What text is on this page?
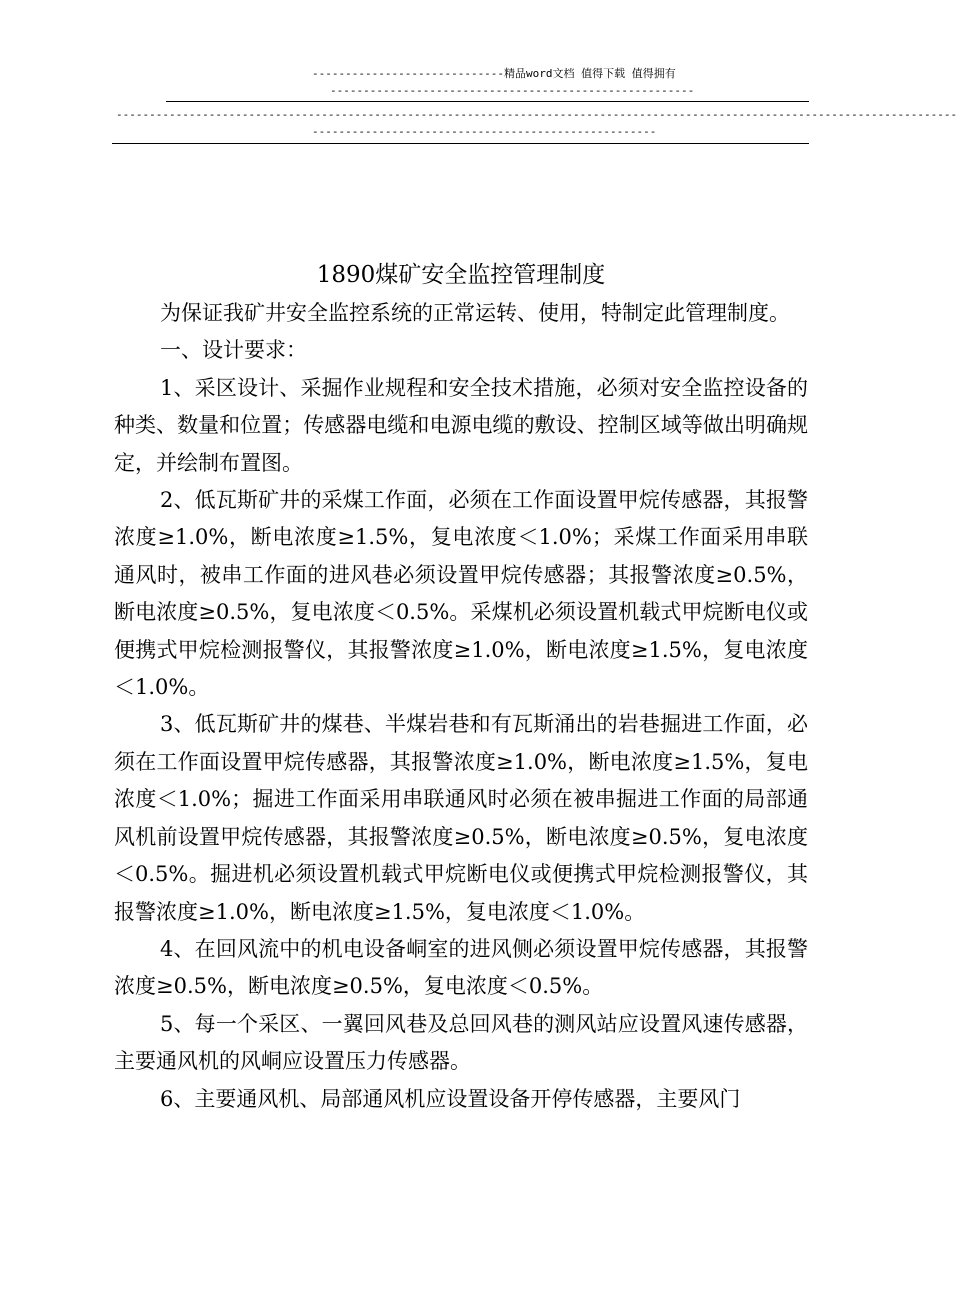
-----------------------------精品word文档 值得下载 值得拥有
-------------------------------------------------------
-------------------------------------------------------------------------------------------------------------------------------
----------------------------------------------------
1890煤矿安全监控管理制度

为保证我矿井安全监控系统的正常运转、使用，特制定此管理制度。

一、设计要求：

1、采区设计、采掘作业规程和安全技术措施，必须对安全监控设备的种类、数量和位置；传感器电缆和电源电缆的敷设、控制区域等做出明确规定，并绘制布置图。

2、低瓦斯矿井的采煤工作面，必须在工作面设置甲烷传感器，其报警浓度≥1.0%，断电浓度≥1.5%，复电浓度＜1.0%；采煤工作面采用串联通风时，被串工作面的进风巷必须设置甲烷传感器；其报警浓度≥0.5%，断电浓度≥0.5%，复电浓度＜0.5%。采煤机必须设置机载式甲烷断电仪或便携式甲烷检测报警仪，其报警浓度≥1.0%，断电浓度≥1.5%，复电浓度＜1.0%。

3、低瓦斯矿井的煤巷、半煤岩巷和有瓦斯涌出的岩巷掘进工作面，必须在工作面设置甲烷传感器，其报警浓度≥1.0%，断电浓度≥1.5%，复电浓度＜1.0%；掘进工作面采用串联通风时必须在被串掘进工作面的局部通风机前设置甲烷传感器，其报警浓度≥0.5%，断电浓度≥0.5%，复电浓度＜0.5%。掘进机必须设置机载式甲烷断电仪或便携式甲烷检测报警仪，其报警浓度≥1.0%，断电浓度≥1.5%，复电浓度＜1.0%。

4、在回风流中的机电设备峒室的进风侧必须设置甲烷传感器，其报警浓度≥0.5%，断电浓度≥0.5%，复电浓度＜0.5%。

5、每一个采区、一翼回风巷及总回风巷的测风站应设置风速传感器，主要通风机的风峒应设置压力传感器。

6、主要通风机、局部通风机应设置设备开停传感器，主要风门
